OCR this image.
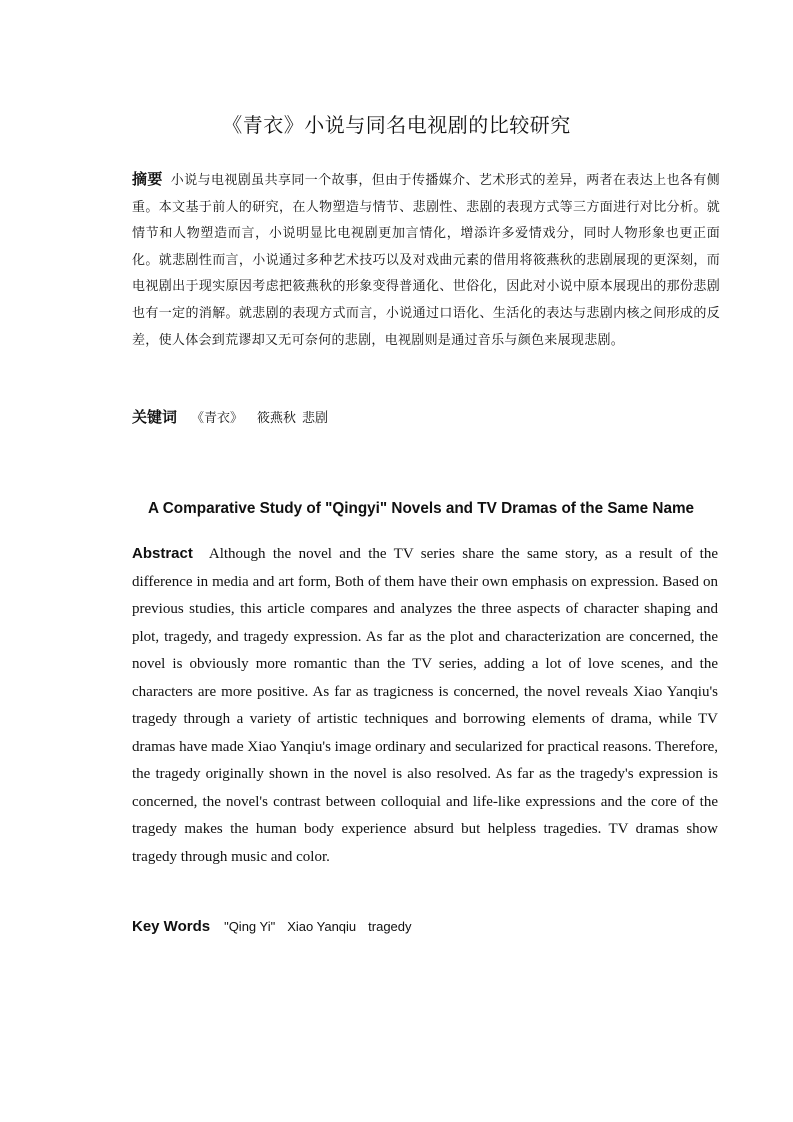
《青衣》小说与同名电视剧的比较研究
摘要 小说与电视剧虽共享同一个故事，但由于传播媒介、艺术形式的差异，两者在表达上也各有侧重。本文基于前人的研究，在人物塑造与情节、悲剧性、悲剧的表现方式等三方面进行对比分析。就情节和人物塑造而言，小说明显比电视剧更加言情化，增添许多爱情戏分，同时人物形象也更正面化。就悲剧性而言，小说通过多种艺术技巧以及对戏曲元素的借用将筱燕秋的悲剧展现的更深刻，而电视剧出于现实原因考虑把筱燕秋的形象变得普通化、世俗化，因此对小说中原本展现出的那份悲剧也有一定的消解。就悲剧的表现方式而言，小说通过口语化、生活化的表达与悲剧内核之间形成的反差，使人体会到荒谬却又无可奈何的悲剧，电视剧则是通过音乐与颜色来展现悲剧。
关键词 《青衣》 筱燕秋 悲剧
A Comparative Study of "Qingyi" Novels and TV Dramas of the Same Name
Abstract Although the novel and the TV series share the same story, as a result of the difference in media and art form, Both of them have their own emphasis on expression. Based on previous studies, this article compares and analyzes the three aspects of character shaping and plot, tragedy, and tragedy expression. As far as the plot and characterization are concerned, the novel is obviously more romantic than the TV series, adding a lot of love scenes, and the characters are more positive. As far as tragicness is concerned, the novel reveals Xiao Yanqiu's tragedy through a variety of artistic techniques and borrowing elements of drama, while TV dramas have made Xiao Yanqiu's image ordinary and secularized for practical reasons. Therefore, the tragedy originally shown in the novel is also resolved. As far as the tragedy's expression is concerned, the novel's contrast between colloquial and life-like expressions and the core of the tragedy makes the human body experience absurd but helpless tragedies. TV dramas show tragedy through music and color.
Key Words "Qing Yi" Xiao Yanqiu tragedy
